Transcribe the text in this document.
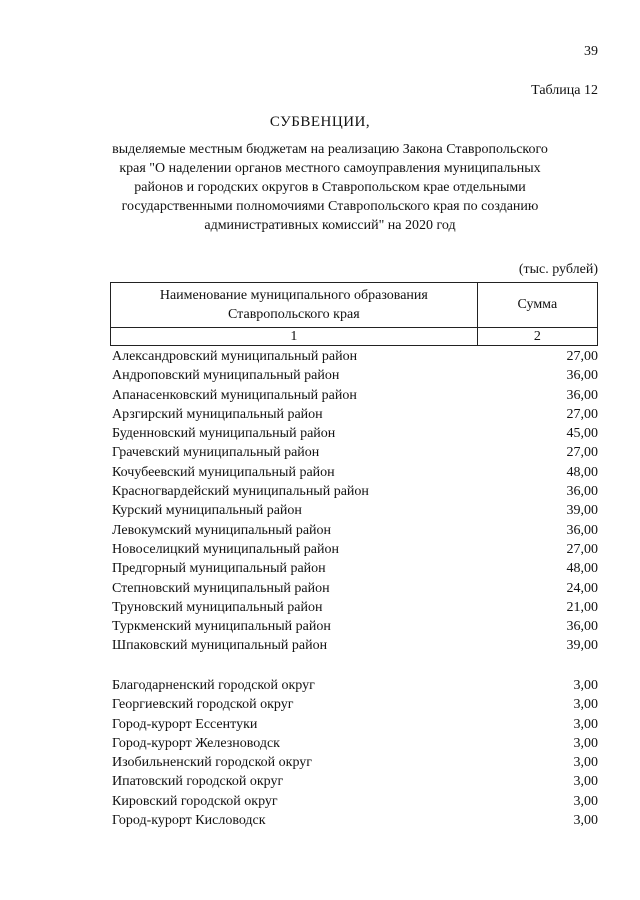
39
Таблица 12
СУБВЕНЦИИ,
выделяемые местным бюджетам на реализацию Закона Ставропольского края "О наделении органов местного самоуправления муниципальных районов и городских округов в Ставропольском крае отдельными государственными полномочиями Ставропольского края по созданию административных комиссий" на 2020 год
(тыс. рублей)
Наименование муниципального образования Ставропольского края	Сумма
1	2
Александровский муниципальный район	27,00
Андроповский муниципальный район	36,00
Апанасенковский муниципальный район	36,00
Арзгирский муниципальный район	27,00
Буденновский муниципальный район	45,00
Грачевский муниципальный район	27,00
Кочубеевский муниципальный район	48,00
Красногвардейский муниципальный район	36,00
Курский муниципальный район	39,00
Левокумский муниципальный район	36,00
Новоселицкий муниципальный район	27,00
Предгорный муниципальный район	48,00
Степновский муниципальный район	24,00
Труновский муниципальный район	21,00
Туркменский муниципальный район	36,00
Шпаковский муниципальный район	39,00
Благодарненский городской округ	3,00
Георгиевский городской округ	3,00
Город-курорт Ессентуки	3,00
Город-курорт Железноводск	3,00
Изобильненский городской округ	3,00
Ипатовский городской округ	3,00
Кировский городской округ	3,00
Город-курорт Кисловодск	3,00
